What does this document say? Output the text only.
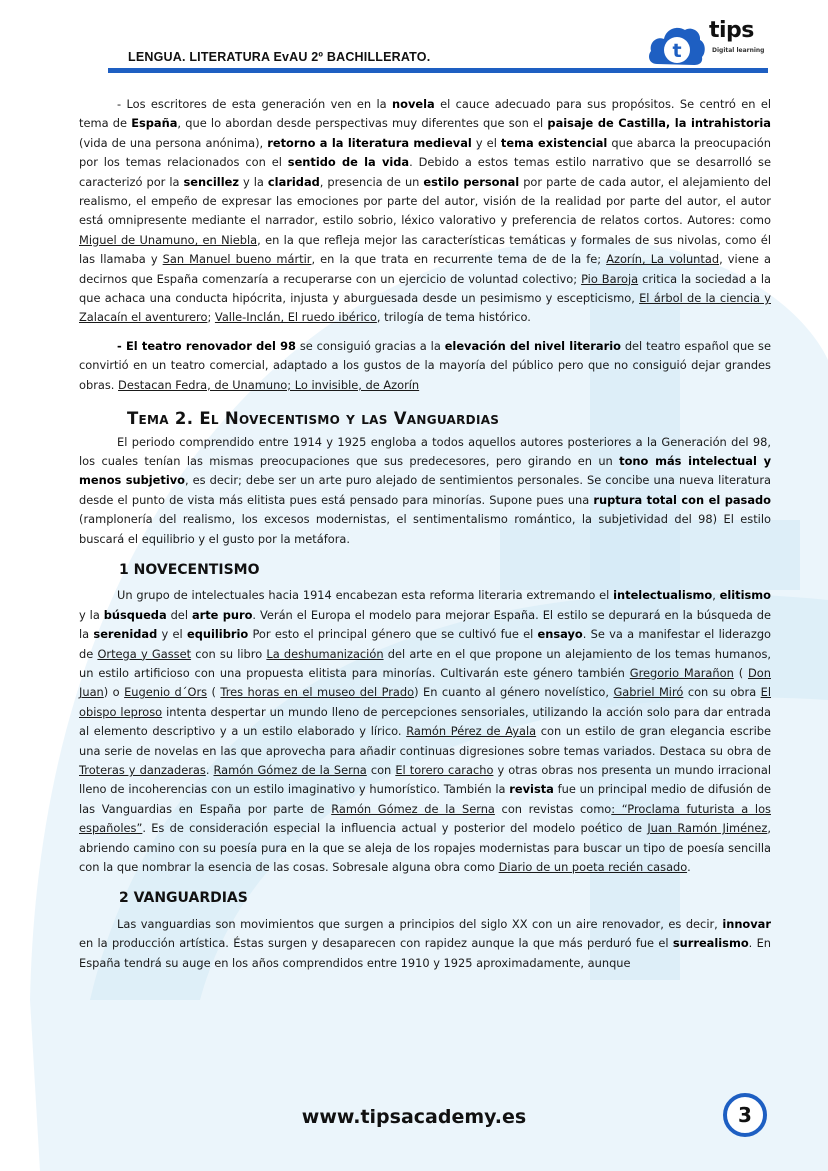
LENGUA. LITERATURA EvAU 2º BACHILLERATO.	t
tips
Digital learning

- Los escritores de esta generación ven en la novela el cauce adecuado para sus propósitos. Se centró en el tema de España, que lo abordan desde perspectivas muy diferentes que son el paisaje de Castilla, la intrahistoria (vida de una persona anónima), retorno a la literatura medieval y el tema existencial que abarca la preocupación por los temas relacionados con el sentido de la vida. Debido a estos temas estilo narrativo que se desarrolló se caracterizó por la sencillez y la claridad, presencia de un estilo personal por parte de cada autor, el alejamiento del realismo, el empeño de expresar las emociones por parte del autor, visión de la realidad por parte del autor, el autor está omnipresente mediante el narrador, estilo sobrio, léxico valorativo y preferencia de relatos cortos. Autores: como Miguel de Unamuno, en Niebla, en la que refleja mejor las características temáticas y formales de sus nivolas, como él las llamaba y San Manuel bueno mártir, en la que trata en recurrente tema de de la fe; Azorín, La voluntad, viene a decirnos que España comenzaría a recuperarse con un ejercicio de voluntad colectivo; Pio Baroja critica la sociedad a la que achaca una conducta hipócrita, injusta y aburguesada desde un pesimismo y escepticismo, El árbol de la ciencia y Zalacaín el aventurero; Valle-Inclán, El ruedo ibérico, trilogía de tema histórico.

- El teatro renovador del 98 se consiguió gracias a la elevación del nivel literario del teatro español que se convirtió en un teatro comercial, adaptado a los gustos de la mayoría del público pero que no consiguió dejar grandes obras. Destacan Fedra, de Unamuno; Lo invisible, de Azorín

Tema 2. El Novecentismo y las Vanguardias

El periodo comprendido entre 1914 y 1925 engloba a todos aquellos autores posteriores a la Generación del 98, los cuales tenían las mismas preocupaciones que sus predecesores, pero girando en un tono más intelectual y menos subjetivo, es decir; debe ser un arte puro alejado de sentimientos personales. Se concibe una nueva literatura desde el punto de vista más elitista pues está pensado para minorías. Supone pues una ruptura total con el pasado (ramplonería del realismo, los excesos modernistas, el sentimentalismo romántico, la subjetividad del 98) El estilo buscará el equilibrio y el gusto por la metáfora.

1 NOVECENTISMO

Un grupo de intelectuales hacia 1914 encabezan esta reforma literaria extremando el intelectualismo, elitismo y la búsqueda del arte puro. Verán el Europa el modelo para mejorar España. El estilo se depurará en la búsqueda de la serenidad y el equilibrio Por esto el principal género que se cultivó fue el ensayo. Se va a manifestar el liderazgo de Ortega y Gasset con su libro La deshumanización del arte en el que propone un alejamiento de los temas humanos, un estilo artificioso con una propuesta elitista para minorías. Cultivarán este género también Gregorio Marañon ( Don Juan) o Eugenio d´Ors ( Tres horas en el museo del Prado) En cuanto al género novelístico, Gabriel Miró con su obra El obispo leproso intenta despertar un mundo lleno de percepciones sensoriales, utilizando la acción solo para dar entrada al elemento descriptivo y a un estilo elaborado y lírico. Ramón Pérez de Ayala con un estilo de gran elegancia escribe una serie de novelas en las que aprovecha para añadir continuas digresiones sobre temas variados. Destaca su obra de Troteras y danzaderas. Ramón Gómez de la Serna con El torero caracho y otras obras nos presenta un mundo irracional lleno de incoherencias con un estilo imaginativo y humorístico. También la revista fue un principal medio de difusión de las Vanguardias en España por parte de Ramón Gómez de la Serna con revistas como: “Proclama futurista a los españoles”. Es de consideración especial la influencia actual y posterior del modelo poético de Juan Ramón Jiménez, abriendo camino con su poesía pura en la que se aleja de los ropajes modernistas para buscar un tipo de poesía sencilla con la que nombrar la esencia de las cosas. Sobresale alguna obra como Diario de un poeta recién casado.

2 VANGUARDIAS

Las vanguardias son movimientos que surgen a principios del siglo XX con un aire renovador, es decir, innovar en la producción artística. Éstas surgen y desaparecen con rapidez aunque la que más perduró fue el surrealismo. En España tendrá su auge en los años comprendidos entre 1910 y 1925 aproximadamente, aunque

www.tipsacademy.es	3
